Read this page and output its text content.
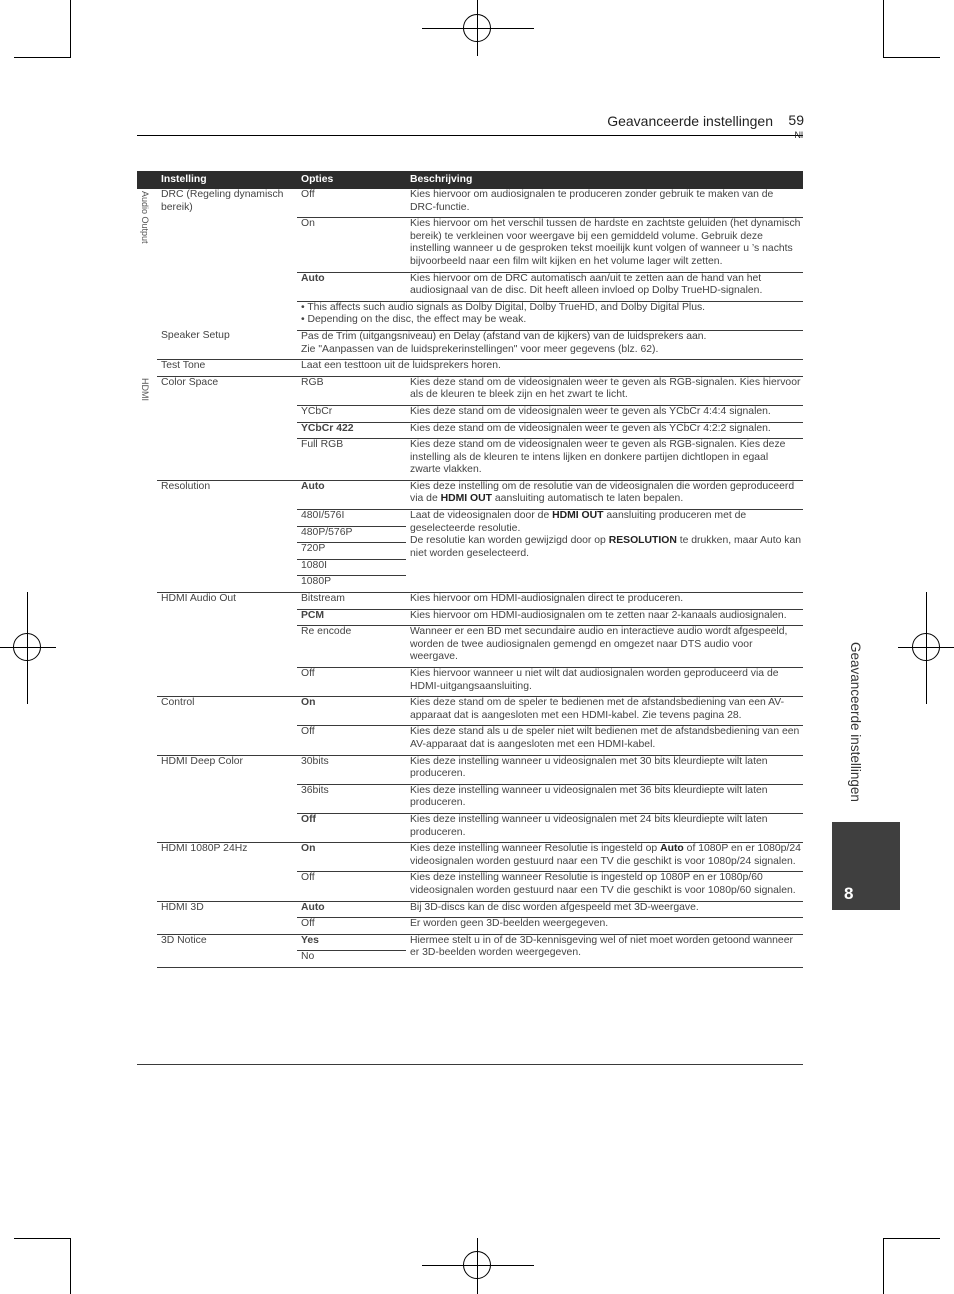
Geavanceerde instellingen 59
Nl
Geavanceerde instellingen
8
	Instelling	Opties	Beschrijving
Audio Output	DRC (Regeling dynamisch bereik)	Off	Kies hiervoor om audiosignalen te produceren zonder gebruik te maken van de DRC-functie.
		On	Kies hiervoor om het verschil tussen de hardste en zachtste geluiden (het dynamisch bereik) te verkleinen voor weergave bij een gemiddeld volume. Gebruik deze instelling wanneer u de gesproken tekst moeilijk kunt volgen of wanneer u ’s nachts bijvoorbeeld naar een film wilt kijken en het volume lager wilt zetten.
		Auto	Kies hiervoor om de DRC automatisch aan/uit te zetten aan de hand van het audiosignaal van de disc. Dit heeft alleen invloed op Dolby TrueHD-signalen.

		• This affects such audio signals as Dolby Digital, Dolby TrueHD, and Dolby Digital Plus.
• Depending on the disc, the effect may be weak.	

	Speaker Setup	Pas de Trim (uitgangsniveau) en Delay (afstand van de kijkers) van de luidsprekers aan.
Zie "Aanpassen van de luidsprekerinstellingen" voor meer gegevens (blz. 62).	

	Test Tone	Laat een testtoon uit de luidsprekers horen.	
HDMI	Color Space	RGB	Kies deze stand om de videosignalen weer te geven als RGB-signalen. Kies hiervoor als de kleuren te bleek zijn en het zwart te licht.
		YCbCr	Kies deze stand om de videosignalen weer te geven als YCbCr 4:4:4 signalen.
		YCbCr 422	Kies deze stand om de videosignalen weer te geven als YCbCr 4:2:2 signalen.
		Full RGB	Kies deze stand om de videosignalen weer te geven als RGB-signalen. Kies deze instelling als de kleuren te intens lijken en donkere partijen dichtlopen in egaal zwarte vlakken.
	Resolution	Auto	Kies deze instelling om de resolutie van de videosignalen die worden geproduceerd via de HDMI OUT aansluiting automatisch te laten bepalen.
		480I/576I	Laat de videosignalen door de HDMI OUT aansluiting produceren met de geselecteerde resolutie.
De resolutie kan worden gewijzigd door op RESOLUTION te drukken, maar Auto kan niet worden geselecteerd.

		480P/576P	
		720P	
		1080I	
		1080P	
	HDMI Audio Out	Bitstream	Kies hiervoor om HDMI-audiosignalen direct te produceren.
		PCM	Kies hiervoor om HDMI-audiosignalen om te zetten naar 2-kanaals audiosignalen.
		Re encode	Wanneer er een BD met secundaire audio en interactieve audio wordt afgespeeld, worden de twee audiosignalen gemengd en omgezet naar DTS audio voor weergave.
		Off	Kies hiervoor wanneer u niet wilt dat audiosignalen worden geproduceerd via de HDMI-uitgangsaansluiting.
	Control	On	Kies deze stand om de speler te bedienen met de afstandsbediening van een AV-apparaat dat is aangesloten met een HDMI-kabel. Zie tevens pagina 28.
		Off	Kies deze stand als u de speler niet wilt bedienen met de afstandsbediening van een AV-apparaat dat is aangesloten met een HDMI-kabel.
	HDMI Deep Color	30bits	Kies deze instelling wanneer u videosignalen met 30 bits kleurdiepte wilt laten produceren.
		36bits	Kies deze instelling wanneer u videosignalen met 36 bits kleurdiepte wilt laten produceren.
		Off	Kies deze instelling wanneer u videosignalen met 24 bits kleurdiepte wilt laten produceren.
	HDMI 1080P 24Hz	On	Kies deze instelling wanneer Resolutie is ingesteld op Auto of 1080P en er 1080p/24 videosignalen worden gestuurd naar een TV die geschikt is voor 1080p/24 signalen.
		Off	Kies deze instelling wanneer Resolutie is ingesteld op 1080P en er 1080p/60 videosignalen worden gestuurd naar een TV die geschikt is voor 1080p/60 signalen.
	HDMI 3D	Auto	Bij 3D-discs kan de disc worden afgespeeld met 3D-weergave.
		Off	Er worden geen 3D-beelden weergegeven.
	3D Notice	Yes	Hiermee stelt u in of de 3D-kennisgeving wel of niet moet worden getoond wanneer er 3D-beelden worden weergegeven.
		No	
